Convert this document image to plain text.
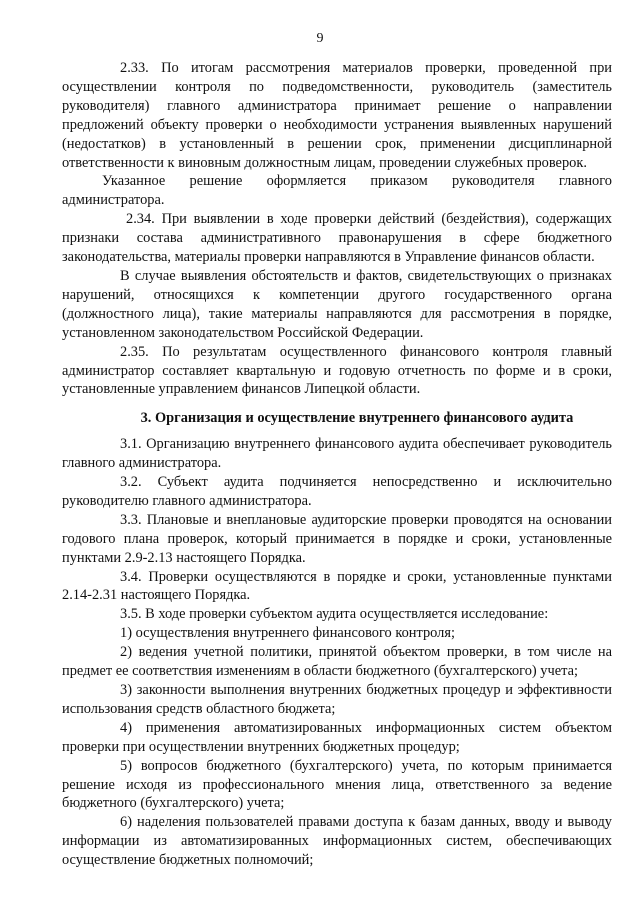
9

2.33. По итогам рассмотрения материалов проверки, проведенной при осуществлении контроля по подведомственности, руководитель (заместитель руководителя) главного администратора принимает решение о направлении предложений объекту проверки о необходимости устранения выявленных нарушений (недостатков) в установленный в решении срок, применении дисциплинарной ответственности к виновным должностным лицам, проведении служебных проверок.

Указанное решение оформляется приказом руководителя главного администратора.

2.34. При выявлении в ходе проверки действий (бездействия), содержащих признаки состава административного правонарушения в сфере бюджетного законодательства, материалы проверки направляются в Управление финансов области.

В случае выявления обстоятельств и фактов, свидетельствующих о признаках нарушений, относящихся к компетенции другого государственного органа (должностного лица), такие материалы направляются для рассмотрения в порядке, установленном законодательством Российской Федерации.

2.35. По результатам осуществленного финансового контроля главный администратор составляет квартальную и годовую отчетность по форме и в сроки, установленные управлением финансов Липецкой области.

3. Организация и осуществление внутреннего финансового аудита

3.1. Организацию внутреннего финансового аудита обеспечивает руководитель главного администратора.

3.2. Субъект аудита подчиняется непосредственно и исключительно руководителю главного администратора.

3.3. Плановые и внеплановые аудиторские проверки проводятся на основании годового плана проверок, который принимается в порядке и сроки, установленные пунктами 2.9-2.13 настоящего Порядка.

3.4. Проверки осуществляются в порядке и сроки, установленные пунктами 2.14-2.31 настоящего Порядка.

3.5. В ходе проверки субъектом аудита осуществляется исследование:

1) осуществления внутреннего финансового контроля;

2) ведения учетной политики, принятой объектом проверки, в том числе на предмет ее соответствия изменениям в области бюджетного (бухгалтерского) учета;

3) законности выполнения внутренних бюджетных процедур и эффективности использования средств областного бюджета;

4) применения автоматизированных информационных систем объектом проверки при осуществлении внутренних бюджетных процедур;

5) вопросов бюджетного (бухгалтерского) учета, по которым принимается решение исходя из профессионального мнения лица, ответственного за ведение бюджетного (бухгалтерского) учета;

6) наделения пользователей правами доступа к базам данных, вводу и выводу информации из автоматизированных информационных систем, обеспечивающих осуществление бюджетных полномочий;
